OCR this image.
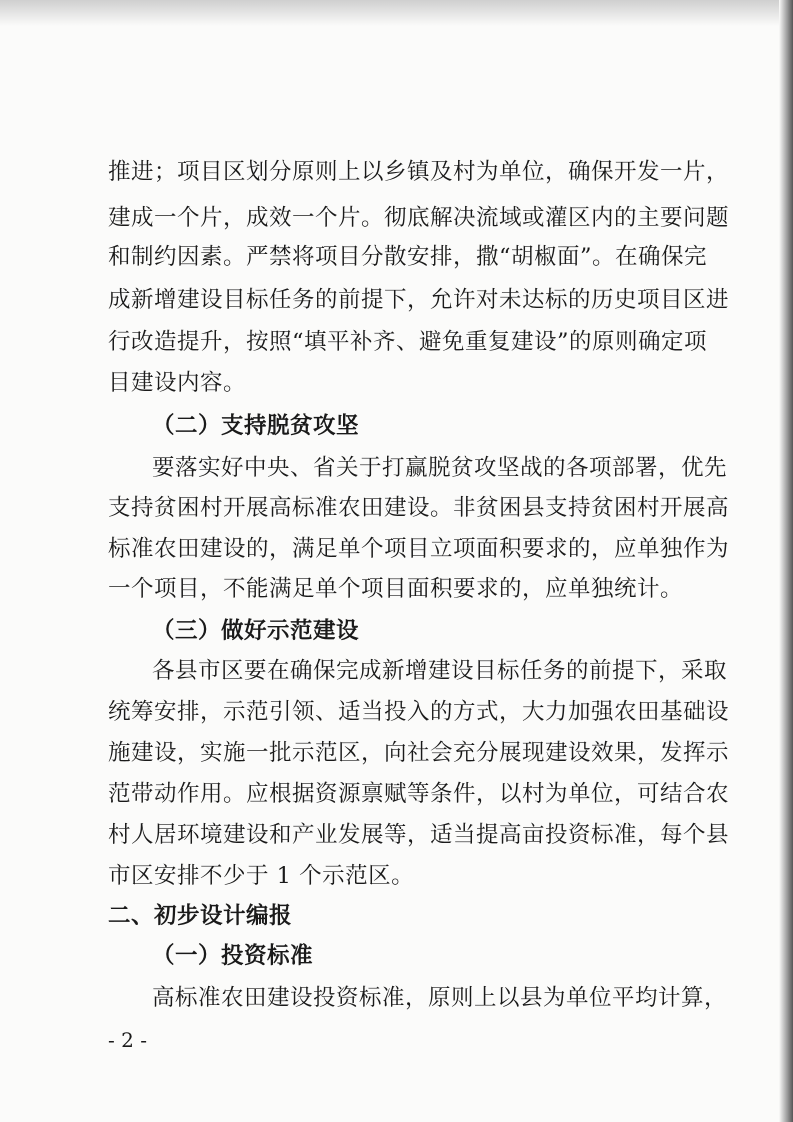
推进；项目区划分原则上以乡镇及村为单位，确保开发一片，
建成一个片，成效一个片。彻底解决流域或灌区内的主要问题
和制约因素。严禁将项目分散安排，撒“胡椒面”。在确保完
成新增建设目标任务的前提下，允许对未达标的历史项目区进
行改造提升，按照“填平补齐、避免重复建设”的原则确定项
目建设内容。
（二）支持脱贫攻坚
要落实好中央、省关于打赢脱贫攻坚战的各项部署，优先
支持贫困村开展高标准农田建设。非贫困县支持贫困村开展高
标准农田建设的，满足单个项目立项面积要求的，应单独作为
一个项目，不能满足单个项目面积要求的，应单独统计。
（三）做好示范建设
各县市区要在确保完成新增建设目标任务的前提下，采取
统筹安排，示范引领、适当投入的方式，大力加强农田基础设
施建设，实施一批示范区，向社会充分展现建设效果，发挥示
范带动作用。应根据资源禀赋等条件，以村为单位，可结合农
村人居环境建设和产业发展等，适当提高亩投资标准，每个县
市区安排不少于 1 个示范区。
二、初步设计编报
（一）投资标准
高标准农田建设投资标准，原则上以县为单位平均计算，
- 2 -
